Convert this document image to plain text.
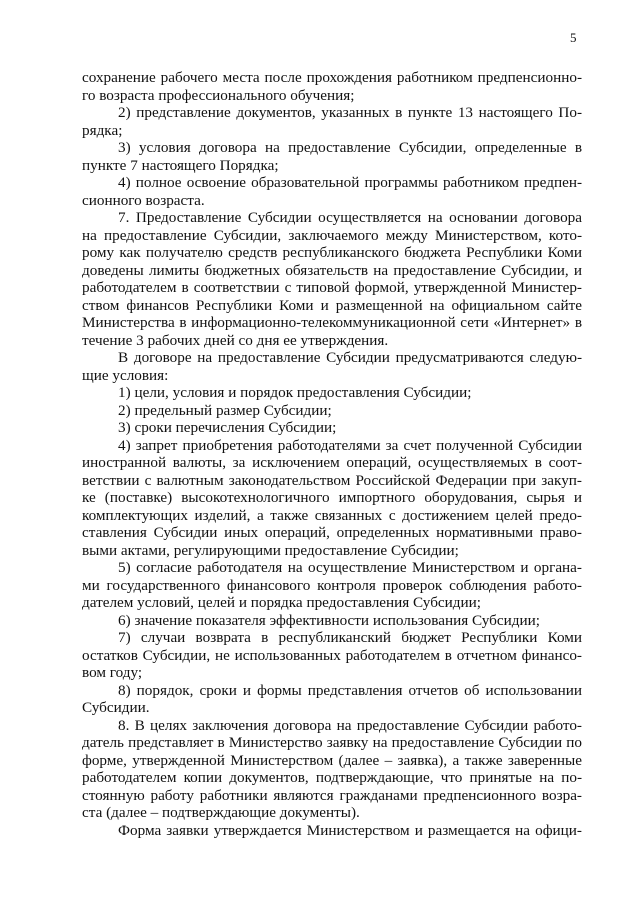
5
сохранение рабочего места после прохождения работником предпенсионно-
го возраста профессионального обучения;
2) представление документов, указанных в пункте 13 настоящего По-
рядка;
3) условия договора на предоставление Субсидии, определенные в
пункте 7 настоящего Порядка;
4) полное освоение образовательной программы работником предпен-
сионного возраста.
7. Предоставление Субсидии осуществляется на основании договора
на предоставление Субсидии, заключаемого между Министерством, кото-
рому как получателю средств республиканского бюджета Республики Коми
доведены лимиты бюджетных обязательств на предоставление Субсидии, и
работодателем в соответствии с типовой формой, утвержденной Министер-
ством финансов Республики Коми и размещенной на официальном сайте
Министерства в информационно-телекоммуникационной сети «Интернет» в
течение 3 рабочих дней со дня ее утверждения.
В договоре на предоставление Субсидии предусматриваются следую-
щие условия:
1) цели, условия и порядок предоставления Субсидии;
2) предельный размер Субсидии;
3) сроки перечисления Субсидии;
4) запрет приобретения работодателями за счет полученной Субсидии
иностранной валюты, за исключением операций, осуществляемых в соот-
ветствии с валютным законодательством Российской Федерации при закуп-
ке (поставке) высокотехнологичного импортного оборудования, сырья и
комплектующих изделий, а также связанных с достижением целей предо-
ставления Субсидии иных операций, определенных нормативными право-
выми актами, регулирующими предоставление Субсидии;
5) согласие работодателя на осуществление Министерством и органа-
ми государственного финансового контроля проверок соблюдения работо-
дателем условий, целей и порядка предоставления Субсидии;
6) значение показателя эффективности использования Субсидии;
7) случаи возврата в республиканский бюджет Республики Коми
остатков Субсидии, не использованных работодателем в отчетном финансо-
вом году;
8) порядок, сроки и формы представления отчетов об использовании
Субсидии.
8. В целях заключения договора на предоставление Субсидии работо-
датель представляет в Министерство заявку на предоставление Субсидии по
форме, утвержденной Министерством (далее – заявка), а также заверенные
работодателем копии документов, подтверждающие, что принятые на по-
стоянную работу работники являются гражданами предпенсионного возра-
ста (далее – подтверждающие документы).
Форма заявки утверждается Министерством и размещается на офици-
